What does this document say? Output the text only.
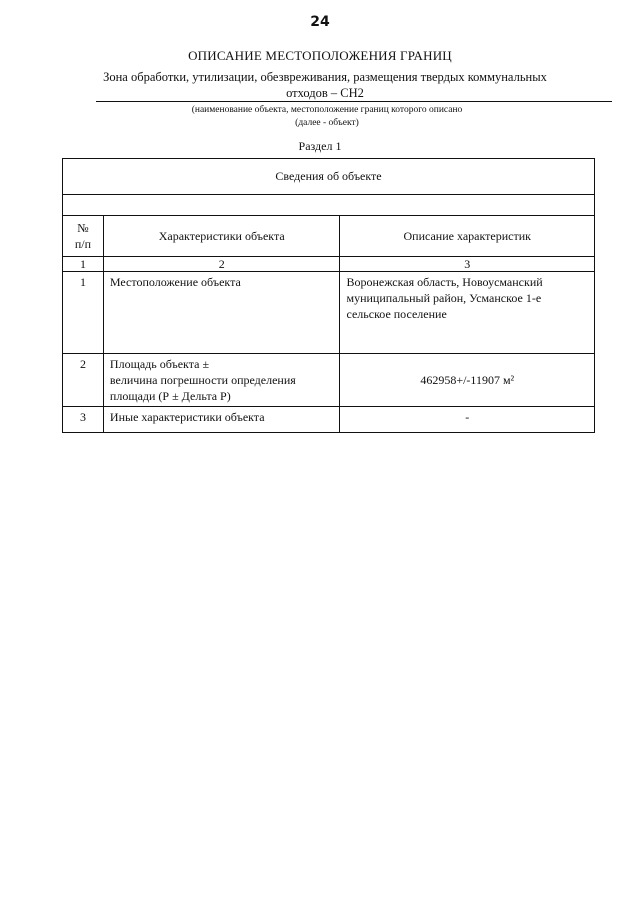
24
ОПИСАНИЕ МЕСТОПОЛОЖЕНИЯ ГРАНИЦ
Зона обработки, утилизации, обезвреживания, размещения твердых коммунальных
отходов – СН2
(наименование объекта, местоположение границ которого описано
(далее - объект)
Раздел 1
Сведения об объекте		

№
п/п	Характеристики объекта	Описание характеристик
1	2	3

1	Местоположение объекта	Воронежская область, Новоусманский
муниципальный район, Усманское 1-е
сельское поселение

2	Площадь объекта ±
величина погрешности определения
площади (Р ± Дельта Р)	462958+/-11907 м²

3	Иные характеристики объекта	-
